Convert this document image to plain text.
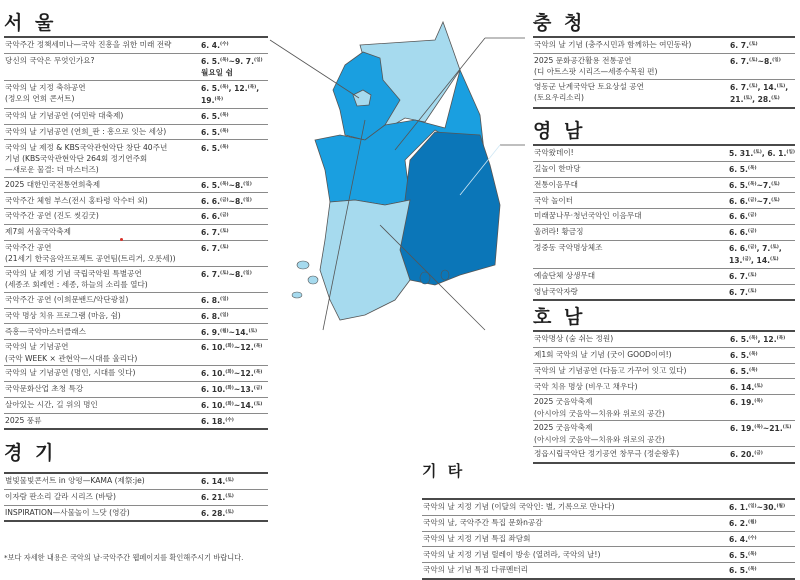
서 울
국악주간 정책세미나—국악 진흥을 위한 미래 전략	6. 4.$^{(수)}$
당신의 국악은 무엇인가요?	6. 5.$^{(목)}$~9. 7.$^{(일)}$
월요일 쉼
국악의 날 지정 축하공연
(정오의 연희 콘서트)	6. 5.$^{(목)}$, 12.$^{(목)}$,
19.$^{(목)}$
국악의 날 기념공연 (여민락 대축제)	6. 5.$^{(목)}$
국악의 날 기념공연 (연희_판 : 흥으로 잇는 세상)	6. 5.$^{(목)}$
국악의 날 제정 & KBS국악관현악단 창단 40주년
기념 (KBS국악관현악단 264회 정기연주회
—새로운 물결: 더 마스터즈)	6. 5.$^{(목)}$
2025 대한민국전통연희축제	6. 5.$^{(목)}$~8.$^{(일)}$
국악주간 체험 부스(전시 홍타령 악수터 외)	6. 6.$^{(금)}$~8.$^{(일)}$
국악주간 공연 (진도 씻김굿)	6. 6.$^{(금)}$
제7회 서울국악축제	6. 7.$^{(토)}$
국악주간 공연
(21세기 한국음악프로젝트 공연팀(트리거, 오롯세))	6. 7.$^{(토)}$
국악의 날 제정 기념 국립국악원 특별공연
(세종조 회례연 : 세종, 하늘의 소리를 열다)	6. 7.$^{(토)}$~8.$^{(일)}$
국악주간 공연 (이희문밴드/악단광칠)	6. 8.$^{(일)}$
국악 명상 치유 프로그램 (마음, 쉼)	6. 8.$^{(일)}$
즉흥—국악마스터클래스	6. 9.$^{(월)}$~14.$^{(토)}$
국악의 날 기념공연
(국악 WEEK × 관현악—시대를 울리다)	6. 10.$^{(화)}$~12.$^{(목)}$
국악의 날 기념공연 (명인, 시대를 잇다)	6. 10.$^{(화)}$~12.$^{(목)}$
국악문화산업 초청 특강	6. 10.$^{(화)}$~13.$^{(금)}$
살아있는 시간, 길 위의 명인	6. 10.$^{(화)}$~14.$^{(토)}$
2025 풍류	6. 18.$^{(수)}$
경 기
별빛물빛콘서트 in 양평—KAMA (제祭:je)	6. 14.$^{(토)}$
이자람 판소리 갈라 시리즈 (바탕)	6. 21.$^{(토)}$
INSPIRATION—사물놀이 느닷 (영감)	6. 28.$^{(토)}$
*보다 자세한 내용은 국악의 날·국악주간 웹페이지를 확인해주시기 바랍니다.
충 청
국악의 날 기념 (충주시민과 함께하는 여민동락)	6. 7.$^{(토)}$
2025 문화공간활용 전통공연
(디 아트스팟 시리즈—세종수목원 편)	6. 7.$^{(토)}$~8.$^{(일)}$
영동군 난계국악단 토요상설 공연
(토요우리소리)	6. 7.$^{(토)}$, 14.$^{(토)}$,
21.$^{(토)}$, 28.$^{(토)}$
영 남
국악왔데이!	5. 31.$^{(토)}$, 6. 1.$^{(일)}$
길놀이 한마당	6. 5.$^{(목)}$
전통이음무대	6. 5.$^{(목)}$~7.$^{(토)}$
국악 놀이터	6. 6.$^{(금)}$~7.$^{(토)}$
미래꿈나무·청년국악인 이음무대	6. 6.$^{(금)}$
울려라! 황금징	6. 6.$^{(금)}$
정중동 국악명상체조	6. 6.$^{(금)}$, 7.$^{(토)}$,
13.$^{(금)}$, 14.$^{(토)}$
예술단체 상생무대	6. 7.$^{(토)}$
영남국악자랑	6. 7.$^{(토)}$
호 남
국악명상 (숨 쉬는 정원)	6. 5.$^{(목)}$, 12.$^{(목)}$
제1회 국악의 날 기념 (굿이 GOOD이여!)	6. 5.$^{(목)}$
국악의 날 기념공연 (다듬고 가꾸어 잇고 있다)	6. 5.$^{(목)}$
국악 치유 명상 (비우고 채우다)	6. 14.$^{(토)}$
2025 굿음악축제
(아시아의 굿음악—치유와 위로의 공간)	6. 19.$^{(목)}$
2025 굿음악축제
(아시아의 굿음악—치유와 위로의 공간)	6. 19.$^{(목)}$~21.$^{(토)}$
정읍시립국악단 정기공연 창무극 (정순왕후)	6. 20.$^{(금)}$
기 타
국악의 날 지정 기념 (이달의 국악인: 별, 기록으로 만나다)	6. 1.$^{(일)}$~30.$^{(월)}$
국악의 날, 국악주간 특집 문화n공감	6. 2.$^{(월)}$
국악의 날 지정 기념 특집 좌담회	6. 4.$^{(수)}$
국악의 날 지정 기념 릴레이 방송 (열려라, 국악의 날!)	6. 5.$^{(목)}$
국악의 날 기념 특집 다큐멘터리	6. 5.$^{(목)}$
